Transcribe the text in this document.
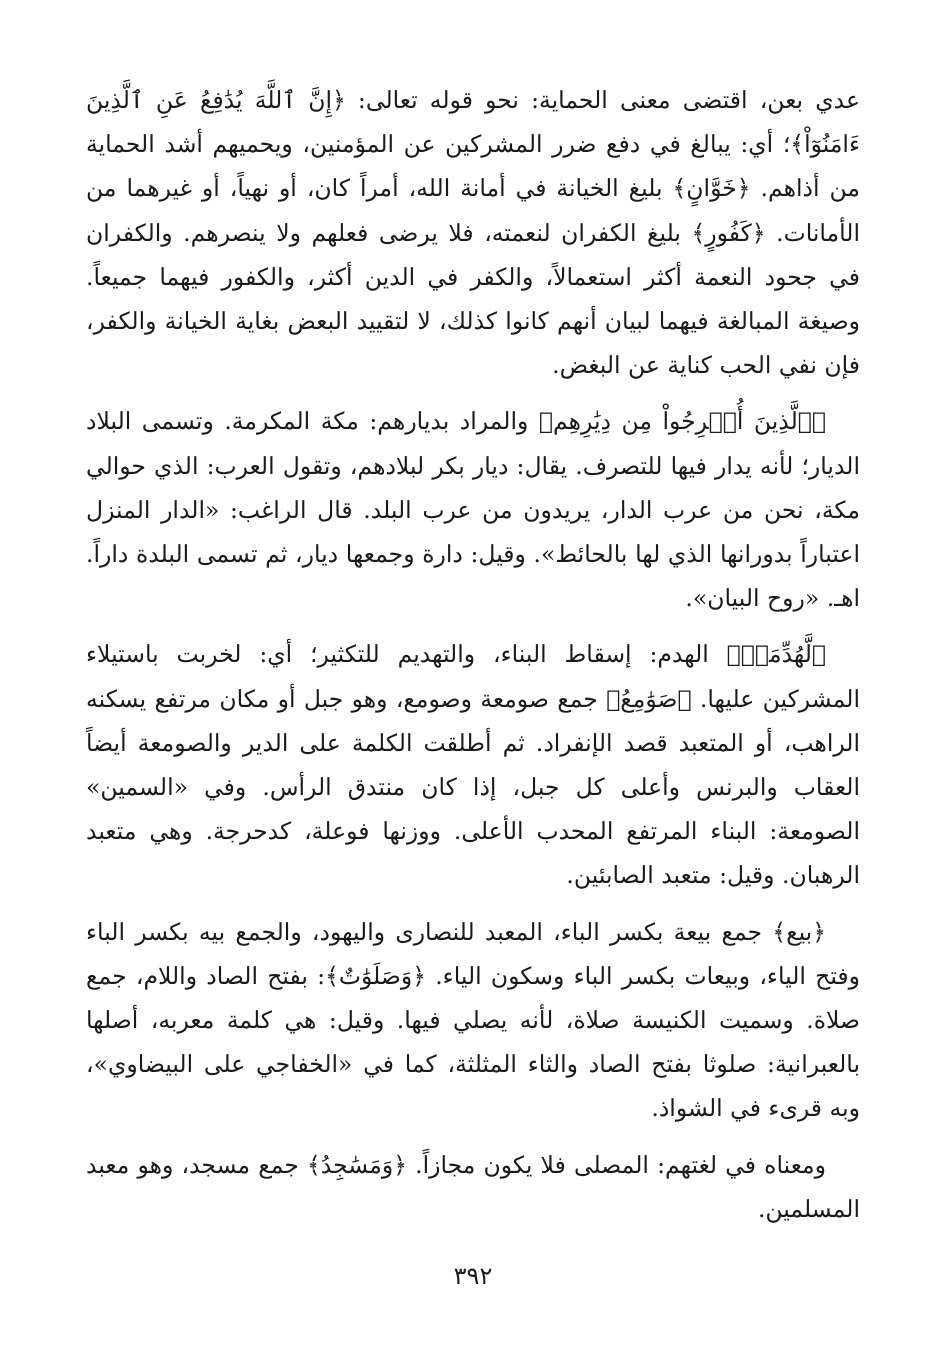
عدي بعن، اقتضى معنى الحماية: نحو قوله تعالى: ﴿إِنَّ ٱللَّهَ يُدَٰفِعُ عَنِ ٱلَّذِينَ ءَامَنُوٓاْ﴾؛ أي: يبالغ في دفع ضرر المشركين عن المؤمنين، ويحميهم أشد الحماية من أذاهم. ﴿خَوَّانٍ﴾ بليغ الخيانة في أمانة الله، أمراً كان، أو نهياً، أو غيرهما من الأمانات. ﴿كَفُورٍ﴾ بليغ الكفران لنعمته، فلا يرضى فعلهم ولا ينصرهم. والكفران في جحود النعمة أكثر استعمالاً، والكفر في الدين أكثر، والكفور فيهما جميعاً. وصيغة المبالغة فيهما لبيان أنهم كانوا كذلك، لا لتقييد البعض بغاية الخيانة والكفر، فإن نفي الحب كناية عن البغض.

﴿ٱلَّذِينَ أُخۡرِجُواْ مِن دِيَٰرِهِم﴾ والمراد بديارهم: مكة المكرمة. وتسمى البلاد الديار؛ لأنه يدار فيها للتصرف. يقال: ديار بكر لبلادهم، وتقول العرب: الذي حوالي مكة، نحن من عرب الدار، يريدون من عرب البلد. قال الراغب: «الدار المنزل اعتباراً بدورانها الذي لها بالحائط». وقيل: دارة وجمعها ديار، ثم تسمى البلدة داراً. اهـ. «روح البيان».

﴿لَّهُدِّمَتۡ﴾ الهدم: إسقاط البناء، والتهديم للتكثير؛ أي: لخربت باستيلاء المشركين عليها. ﴿صَوَٰمِعُ﴾ جمع صومعة وصومع، وهو جبل أو مكان مرتفع يسكنه الراهب، أو المتعبد قصد الإنفراد. ثم أطلقت الكلمة على الدير والصومعة أيضاً العقاب والبرنس وأعلى كل جبل، إذا كان منتدق الرأس. وفي «السمين» الصومعة: البناء المرتفع المحدب الأعلى. ووزنها فوعلة، كدحرجة. وهي متعبد الرهبان. وقيل: متعبد الصابئين.

﴿بيع﴾ جمع بيعة بكسر الباء، المعبد للنصارى واليهود، والجمع بيه بكسر الباء وفتح الياء، وبيعات بكسر الباء وسكون الياء. ﴿وَصَلَوَٰتٌ﴾: بفتح الصاد واللام، جمع صلاة. وسميت الكنيسة صلاة، لأنه يصلي فيها. وقيل: هي كلمة معربه، أصلها بالعبرانية: صلوثا بفتح الصاد والثاء المثلثة، كما في «الخفاجي على البيضاوي»، وبه قرىء في الشواذ.

ومعناه في لغتهم: المصلى فلا يكون مجازاً. ﴿وَمَسَٰجِدُ﴾ جمع مسجد، وهو معبد المسلمين.

٣٩٢
